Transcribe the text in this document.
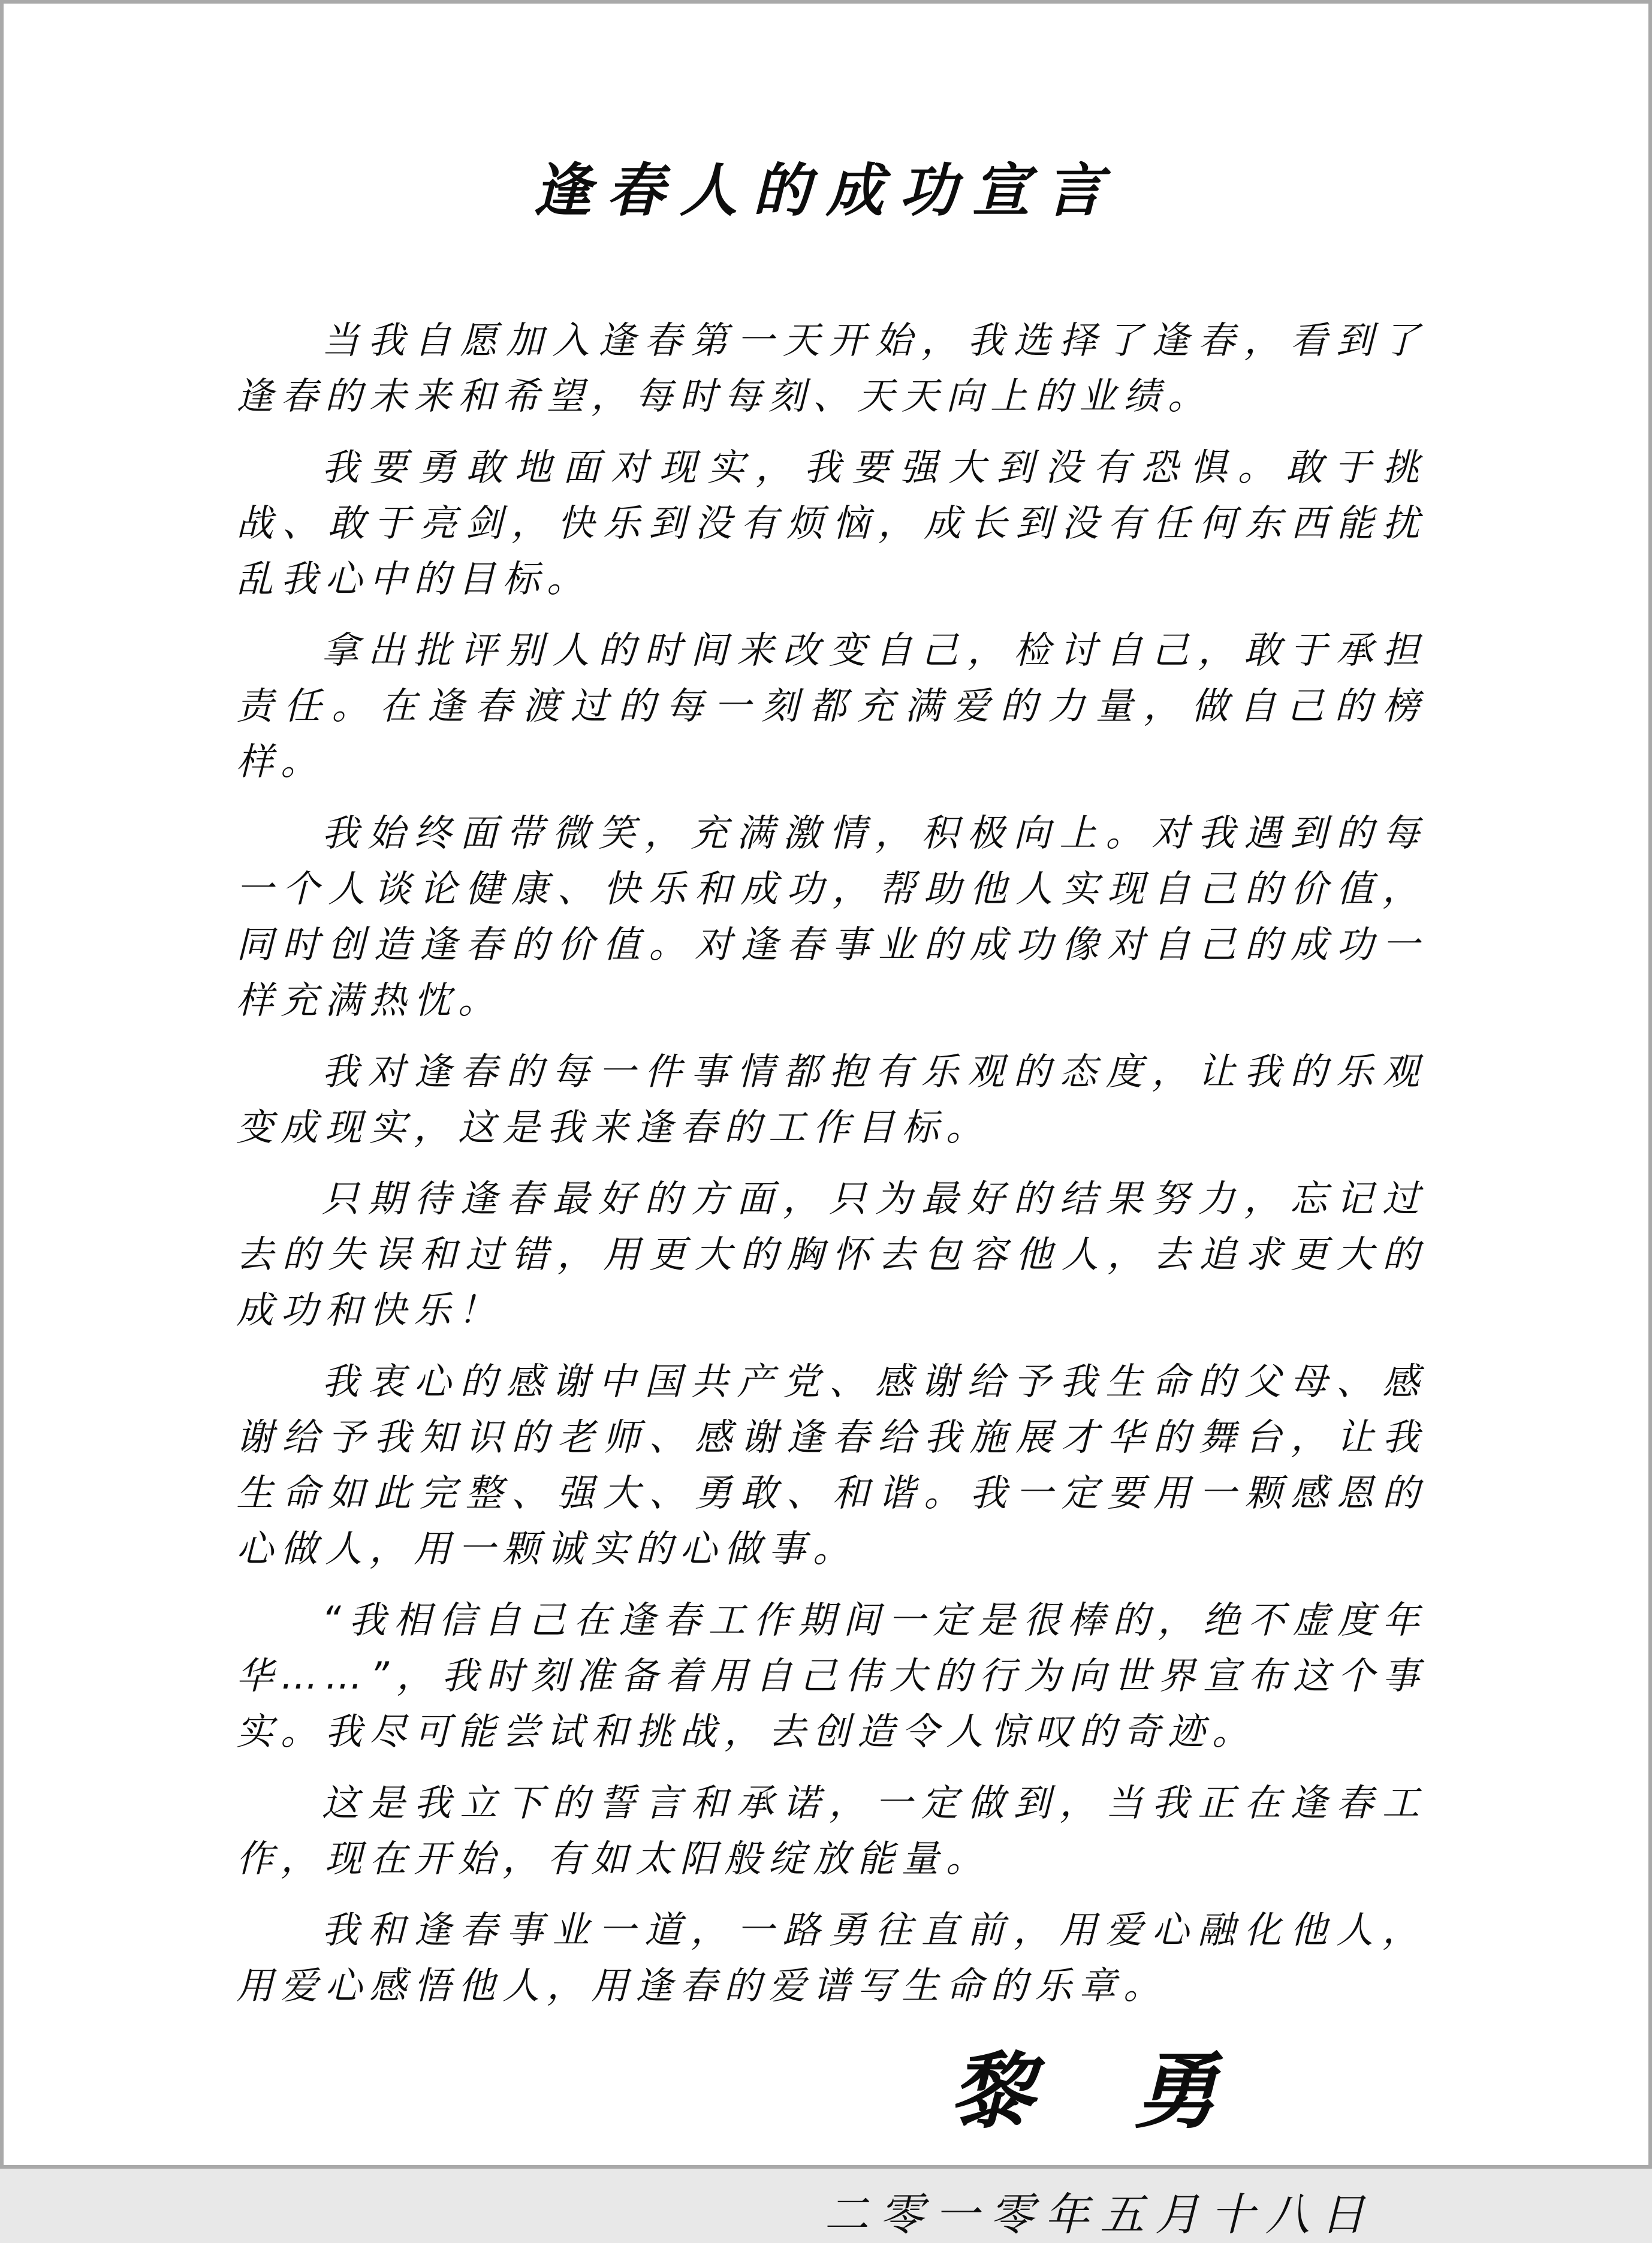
逢春人的成功宣言

当我自愿加入逢春第一天开始，我选择了逢春，看到了逢春的未来和希望，每时每刻、天天向上的业绩。

我要勇敢地面对现实，我要强大到没有恐惧。敢于挑战、敢于亮剑，快乐到没有烦恼，成长到没有任何东西能扰乱我心中的目标。

拿出批评别人的时间来改变自己，检讨自己，敢于承担责任。在逢春渡过的每一刻都充满爱的力量，做自己的榜样。

我始终面带微笑，充满激情，积极向上。对我遇到的每一个人谈论健康、快乐和成功，帮助他人实现自己的价值，同时创造逢春的价值。对逢春事业的成功像对自己的成功一样充满热忱。

我对逢春的每一件事情都抱有乐观的态度，让我的乐观变成现实，这是我来逢春的工作目标。

只期待逢春最好的方面，只为最好的结果努力，忘记过去的失误和过错，用更大的胸怀去包容他人，去追求更大的成功和快乐！

我衷心的感谢中国共产党、感谢给予我生命的父母、感谢给予我知识的老师、感谢逢春给我施展才华的舞台，让我生命如此完整、强大、勇敢、和谐。我一定要用一颗感恩的心做人，用一颗诚实的心做事。

“我相信自己在逢春工作期间一定是很棒的，绝不虚度年华……”，我时刻准备着用自己伟大的行为向世界宣布这个事实。我尽可能尝试和挑战，去创造令人惊叹的奇迹。

这是我立下的誓言和承诺，一定做到，当我正在逢春工作，现在开始，有如太阳般绽放能量。

我和逢春事业一道，一路勇往直前，用爱心融化他人，用爱心感悟他人，用逢春的爱谱写生命的乐章。

黎 勇
二零一零年五月十八日
